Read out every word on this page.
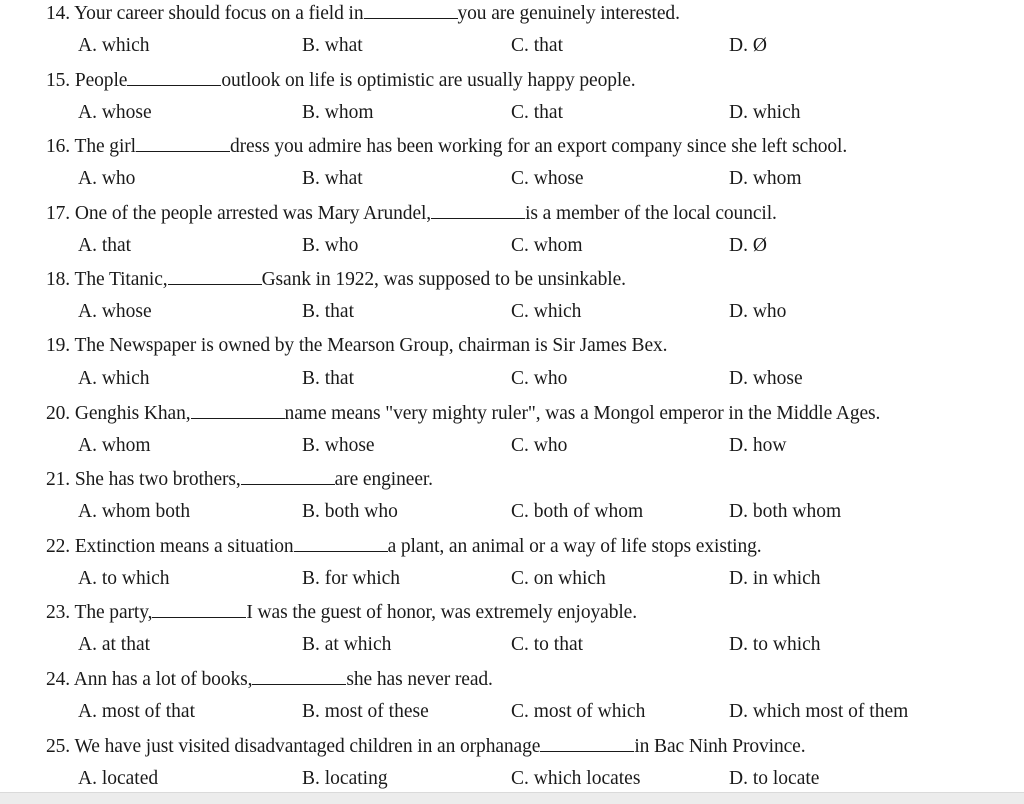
14. Your career should focus on a field in	you are genuinely interested.
A. which	B. what	C. that	D. Ø
15. People	outlook on life is optimistic are usually happy people.
A. whose	B. whom	C. that	D. which
16. The girl	dress you admire has been working for an export company since she left school.
A. who	B. what	C. whose	D. whom
17. One of the people arrested was Mary Arundel,	is a member of the local council.
A. that	B. who	C. whom	D. Ø
18. The Titanic,	Gsank in 1922, was supposed to be unsinkable.
A. whose	B. that	C. which	D. who
19. The Newspaper is owned by the Mearson Group, chairman is Sir James Bex.
A. which	B. that	C. who	D. whose
20. Genghis Khan,	name means "very mighty ruler", was a Mongol emperor in the Middle Ages.
A. whom	B. whose	C. who	D. how
21. She has two brothers,	are engineer.
A. whom both	B. both who	C. both of whom	D. both whom
22. Extinction means a situation	a plant, an animal or a way of life stops existing.
A. to which	B. for which	C. on which	D. in which
23. The party,	I was the guest of honor, was extremely enjoyable.
A. at that	B. at which	C. to that	D. to which
24. Ann has a lot of books,	she has never read.
A. most of that	B. most of these	C. most of which	D. which most of them
25. We have just visited disadvantaged children in an orphanage	in Bac Ninh Province.
A. located	B. locating	C. which locates	D. to locate
